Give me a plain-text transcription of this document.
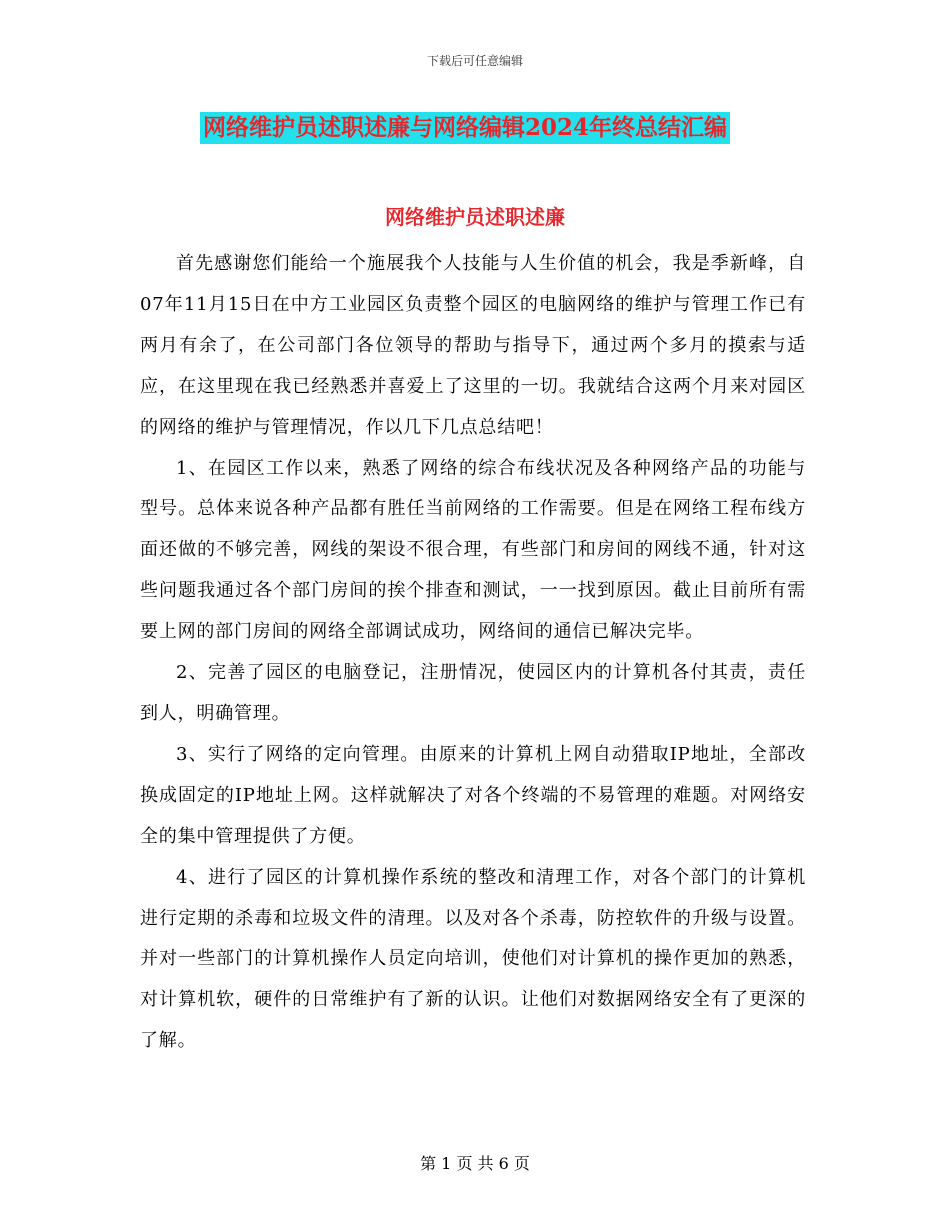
下载后可任意编辑
网络维护员述职述廉与网络编辑2024年终总结汇编
网络维护员述职述廉

首先感谢您们能给一个施展我个人技能与人生价值的机会，我是季新峰，自07年11月15日在中方工业园区负责整个园区的电脑网络的维护与管理工作已有两月有余了，在公司部门各位领导的帮助与指导下，通过两个多月的摸索与适应，在这里现在我已经熟悉并喜爱上了这里的一切。我就结合这两个月来对园区的网络的维护与管理情况，作以几下几点总结吧！

1、在园区工作以来，熟悉了网络的综合布线状况及各种网络产品的功能与型号。总体来说各种产品都有胜任当前网络的工作需要。但是在网络工程布线方面还做的不够完善，网线的架设不很合理，有些部门和房间的网线不通，针对这些问题我通过各个部门房间的挨个排查和测试，一一找到原因。截止目前所有需要上网的部门房间的网络全部调试成功，网络间的通信已解决完毕。

2、完善了园区的电脑登记，注册情况，使园区内的计算机各付其责，责任到人，明确管理。

3、实行了网络的定向管理。由原来的计算机上网自动猎取IP地址，全部改换成固定的IP地址上网。这样就解决了对各个终端的不易管理的难题。对网络安全的集中管理提供了方便。

4、进行了园区的计算机操作系统的整改和清理工作，对各个部门的计算机进行定期的杀毒和垃圾文件的清理。以及对各个杀毒，防控软件的升级与设置。并对一些部门的计算机操作人员定向培训，使他们对计算机的操作更加的熟悉，对计算机软，硬件的日常维护有了新的认识。让他们对数据网络安全有了更深的了解。

第 1 页 共 6 页
